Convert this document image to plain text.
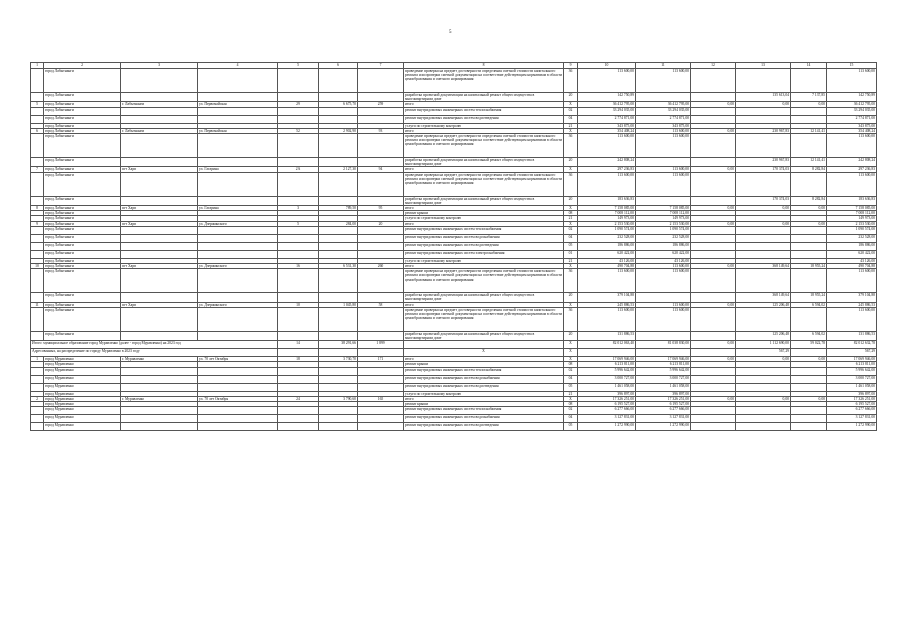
5
1	2	3	4	5	6	7	8	9	10	11	12	13	14	15
	город Лабытнанги						проведение проверки на предмет достоверности определения сметной стоимости капитального ремонта или проверки сметной документации на соответствие действующим нормативам в области ценообразования и сметного нормирования	36	113 600,00	113 600,00				113 600,00
	город Лабытнанги						разработка проектной документации на капитальный ремонт общего имущества в многоквартирном доме	20	142 750,89			135 613,04	7 137,85	142 750,89
5	город Лабытнанги	г. Лабытнанги	ул. Первомайская	29	6 675,70	259	итого	X	36 412 795,00	36 412 795,00	0,00	0,00	0,00	36 412 795,00
	город Лабытнанги						ремонт внутридомовых инженерных систем теплоснабжения	02	33 294 035,00	33 294 035,00				33 294 035,00
	город Лабытнанги						ремонт внутридомовых инженерных систем водоотведения	04	2 774 871,00	2 774 871,00				2 774 871,00
	город Лабытнанги						услуги по строительному контролю	21	343 875,00	343 875,00				343 875,00
6	город Лабытнанги	г. Лабытнанги	ул. Первомайская	52	2 902,90	93	итого	X	354 408,24	113 600,00	0,00	230 967,83	12 141,41	354 408,24
	город Лабытнанги						проведение проверки на предмет достоверности определения сметной стоимости капитального ремонта или проверки сметной документации на соответствие действующим нормативам в области ценообразования и сметного нормирования	36	113 600,00	113 600,00				113 600,00
	город Лабытнанги						разработка проектной документации на капитальный ремонт общего имущества в многоквартирном доме	20	242 808,24			230 967,83	12 141,41	242 808,24
7	город Лабытнанги	пгт Харп	ул. Гагарина	2А	2 127,30	94	итого	X	297 236,83	113 600,00	0,00	170 374,03	8 282,84	297 236,83
	город Лабытнанги						проведение проверки на предмет достоверности определения сметной стоимости капитального ремонта или проверки сметной документации на соответствие действующим нормативам в области ценообразования и сметного нормирования	36	113 600,00	113 600,00				113 600,00
	город Лабытнанги						разработка проектной документации на капитальный ремонт общего имущества в многоквартирном доме	20	183 636,83			170 374,03	8 282,84	183 636,83
8	город Лабытнанги	пгт Харп	ул. Гагарина	3	789,50	95	итого	X	7 158 085,00	7 158 085,00	0,00	0,00	0,00	7 158 085,00
	город Лабытнанги						ремонт крыши	08	7 008 112,00	7 008 112,00				7 008 112,00
	город Лабытнанги						услуги по строительному контролю	21	149 973,00	149 973,00				149 973,00
9	город Лабытнанги	пгт Харп	ул. Дзержинского	5	284,00	20	итого	X	2 153 530,00	2 153 530,00	0,00	0,00	0,00	2 153 530,00
	город Лабытнанги						ремонт внутридомовых инженерных систем теплоснабжения	02	1 090 574,00	1 090 574,00				1 090 574,00
	город Лабытнанги						ремонт внутридомовых инженерных систем водоснабжения	04	232 528,00	232 528,00				232 528,00
	город Лабытнанги						ремонт внутридомовых инженерных систем водоотведения	05	186 886,00	186 886,00				186 886,00
	город Лабытнанги						ремонт внутридомовых инженерных систем электроснабжения	01	620 422,00	620 422,00				620 422,00
	город Лабытнанги						услуги по строительному контролю	21	43 126,00	43 126,00				43 126,00
10	город Лабытнанги	пгт Харп	ул. Дзержинского	16	6 531,30	260	итого	X	490 704,88	113 600,00	0,00	368 149,64	18 955,24	490 704,88
	город Лабытнанги						проведение проверки на предмет достоверности определения сметной стоимости капитального ремонта или проверки сметной документации на соответствие действующим нормативам в области ценообразования и сметного нормирования	36	113 600,00	113 600,00				113 600,00
	город Лабытнанги						разработка проектной документации на капитальный ремонт общего имущества в многоквартирном доме	20	379 104,88			368 149,64	18 955,24	379 104,88
11	город Лабытнанги	пгт Харп	ул. Дзержинского	10	1 045,80	58	итого	X	245 886,53	113 600,00	0,00	125 206,48	6 594,02	245 886,53
	город Лабытнанги						проведение проверки на предмет достоверности определения сметной стоимости капитального ремонта или проверки сметной документации на соответствие действующим нормативам в области ценообразования и сметного нормирования	36	113 600,00	113 600,00				113 600,00
	город Лабытнанги						разработка проектной документации на капитальный ремонт общего имущества в многоквартирном доме	20	131 886,53			125 206,48	6 594,02	131 886,53
Итого: муниципальное образование город Муравленко (далее - город Муравленко) на 2023 год				14	38 291,66	1 899		X	82 012 063,40	81 038 830,00	0,00	1 112 690,00	59 022,78	82 012 632,78
Адресованных, на распределение по городу Муравленко в 2023 году							X	X				567,29		567,29
1	город Муравленко	г. Муравленко	ул. 70 лет Октября	18	3 730,70	171	итого	X	17 069 946,00	17 069 946,00	0,00	0,00	0,00	17 069 946,00
	город Муравленко						ремонт крыши	08	6 213 811,00	6 213 811,00				6 213 811,00
	город Муравленко						ремонт внутридомовых инженерных систем теплоснабжения	02	5 996 642,00	5 996 642,00				5 996 642,00
	город Муравленко						ремонт внутридомовых инженерных систем водоснабжения	04	3 000 727,00	3 000 727,00				3 000 727,00
	город Муравленко						ремонт внутридомовых инженерных систем водоотведения	05	1 461 058,00	1 461 058,00				1 461 058,00
	город Муравленко						услуги по строительному контролю	21	396 897,00	396 897,00				396 897,00
2	город Муравленко	г. Муравленко	ул. 70 лет Октября	24	3 790,60	165	итого	X	17 326 251,00	17 326 251,00	0,00	0,00	0,00	17 326 251,00
	город Муравленко						ремонт крыши	08	6 195 527,00	6 195 527,00				6 195 527,00
	город Муравленко						ремонт внутридомовых инженерных систем теплоснабжения	02	6 277 666,00	6 277 666,00				6 277 666,00
	город Муравленко						ремонт внутридомовых инженерных систем водоснабжения	04	3 127 831,00	3 127 831,00				3 127 831,00
	город Муравленко						ремонт внутридомовых инженерных систем водоотведения	05	1 272 990,00	1 272 990,00				1 272 990,00
